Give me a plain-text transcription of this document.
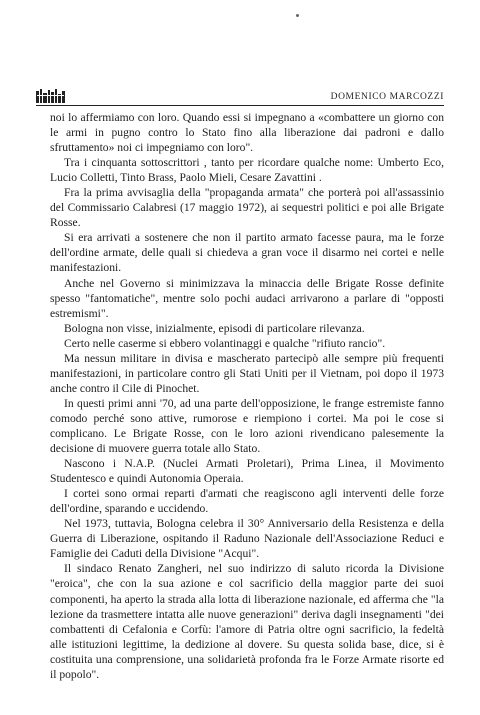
DOMENICO MARCOZZI

noi lo affermiamo con loro. Quando essi si impegnano a «combattere un giorno con le armi in pugno contro lo Stato fino alla liberazione dai padroni e dallo sfruttamento» noi ci impegniamo con loro".

Tra i cinquanta sottoscrittori , tanto per ricordare qualche nome: Umberto Eco, Lucio Colletti, Tinto Brass, Paolo Mieli, Cesare Zavattini .

Fra la prima avvisaglia della "propaganda armata" che porterà poi all'assassinio del Commissario Calabresi (17 maggio 1972), ai sequestri politici e poi alle Brigate Rosse.

Si era arrivati a sostenere che non il partito armato facesse paura, ma le forze dell'ordine armate, delle quali si chiedeva a gran voce il disarmo nei cortei e nelle manifestazioni.

Anche nel Governo si minimizzava la minaccia delle Brigate Rosse definite spesso "fantomatiche", mentre solo pochi audaci arrivarono a parlare di "opposti estremismi".

Bologna non visse, inizialmente, episodi di particolare rilevanza.

Certo nelle caserme si ebbero volantinaggi e qualche "rifiuto rancio".

Ma nessun militare in divisa e mascherato partecipò alle sempre più frequenti manifestazioni, in particolare contro gli Stati Uniti per il Vietnam, poi dopo il 1973 anche contro il Cile di Pinochet.

In questi primi anni '70, ad una parte dell'opposizione, le frange estremiste fanno comodo perché sono attive, rumorose e riempiono i cortei. Ma poi le cose si complicano. Le Brigate Rosse, con le loro azioni rivendicano palesemente la decisione di muovere guerra totale allo Stato.

Nascono i N.A.P. (Nuclei Armati Proletari), Prima Linea, il Movimento Studentesco e quindi Autonomia Operaia.

I cortei sono ormai reparti d'armati che reagiscono agli interventi delle forze dell'ordine, sparando e uccidendo.

Nel 1973, tuttavia, Bologna celebra il 30° Anniversario della Resistenza e della Guerra di Liberazione, ospitando il Raduno Nazionale dell'Associazione Reduci e Famiglie dei Caduti della Divisione "Acqui".

Il sindaco Renato Zangheri, nel suo indirizzo di saluto ricorda la Divisione "eroica", che con la sua azione e col sacrificio della maggior parte dei suoi componenti, ha aperto la strada alla lotta di liberazione nazionale, ed afferma che "la lezione da trasmettere intatta alle nuove generazioni" deriva dagli insegnamenti "dei combattenti di Cefalonia e Corfù: l'amore di Patria oltre ogni sacrificio, la fedeltà alle istituzioni legittime, la dedizione al dovere. Su questa solida base, dice, si è costituita una comprensione, una solidarietà profonda fra le Forze Armate risorte ed il popolo".
